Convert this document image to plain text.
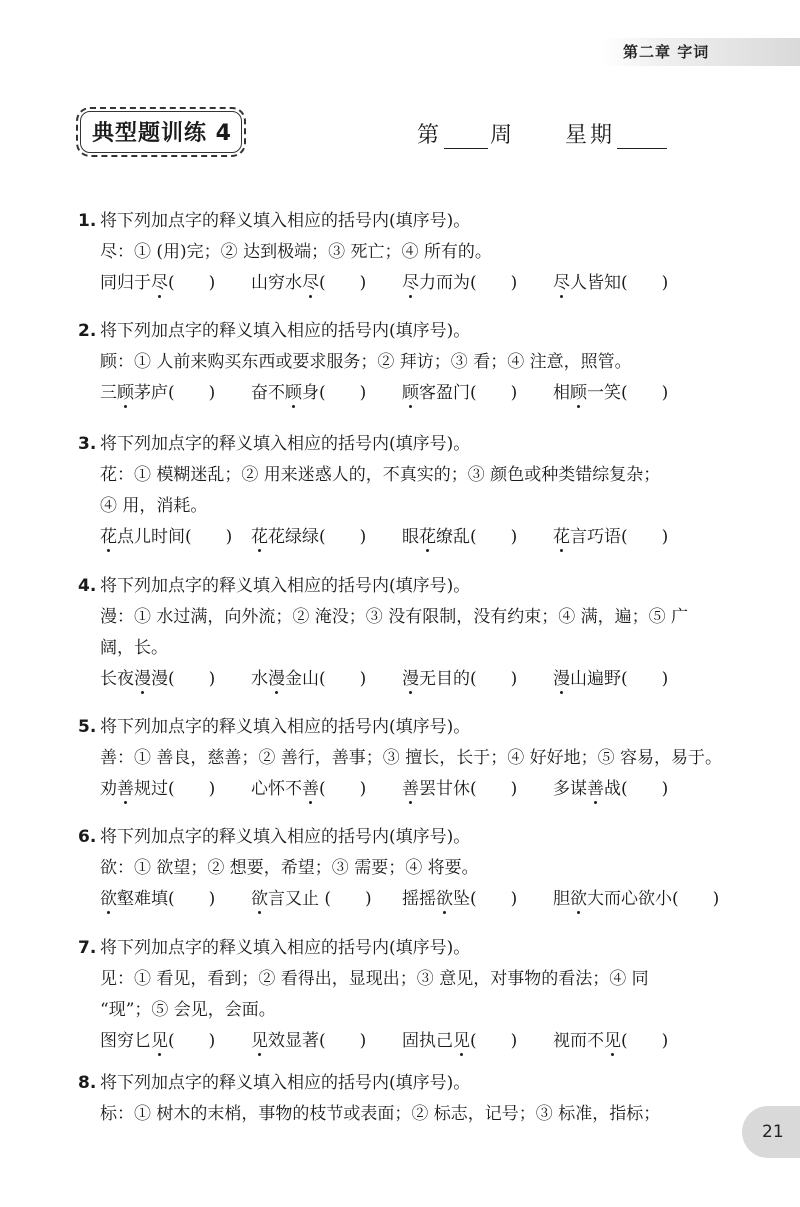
第二章 字词
典型题训练 4	第 周 星期
1. 将下列加点字的释义填入相应的括号内(填序号)。
尽：① (用)完；② 达到极端；③ 死亡；④ 所有的。
同归于尽(　　)	山穷水尽(　　)	尽力而为(　　)	尽人皆知(　　)
2. 将下列加点字的释义填入相应的括号内(填序号)。
顾：① 人前来购买东西或要求服务；② 拜访；③ 看；④ 注意，照管。
三顾茅庐(　　)	奋不顾身(　　)	顾客盈门(　　)	相顾一笑(　　)
3. 将下列加点字的释义填入相应的括号内(填序号)。
花：① 模糊迷乱；② 用来迷惑人的，不真实的；③ 颜色或种类错综复杂；
④ 用，消耗。
花点儿时间(　　)	花花绿绿(　　)	眼花缭乱(　　)	花言巧语(　　)
4. 将下列加点字的释义填入相应的括号内(填序号)。
漫：① 水过满，向外流；② 淹没；③ 没有限制，没有约束；④ 满，遍；⑤ 广
阔，长。
长夜漫漫(　　)	水漫金山(　　)	漫无目的(　　)	漫山遍野(　　)
5. 将下列加点字的释义填入相应的括号内(填序号)。
善：① 善良，慈善；② 善行，善事；③ 擅长，长于；④ 好好地；⑤ 容易，易于。
劝善规过(　　)	心怀不善(　　)	善罢甘休(　　)	多谋善战(　　)
6. 将下列加点字的释义填入相应的括号内(填序号)。
欲：① 欲望；② 想要，希望；③ 需要；④ 将要。
欲壑难填(　　)	欲言又止 (　　)	摇摇欲坠(　　)	胆欲大而心欲小(　　)
7. 将下列加点字的释义填入相应的括号内(填序号)。
见：① 看见，看到；② 看得出，显现出；③ 意见，对事物的看法；④ 同
“现”；⑤ 会见，会面。
图穷匕见(　　)	见效显著(　　)	固执己见(　　)	视而不见(　　)
8. 将下列加点字的释义填入相应的括号内(填序号)。
标：① 树木的末梢，事物的枝节或表面；② 标志，记号；③ 标准，指标；
21
